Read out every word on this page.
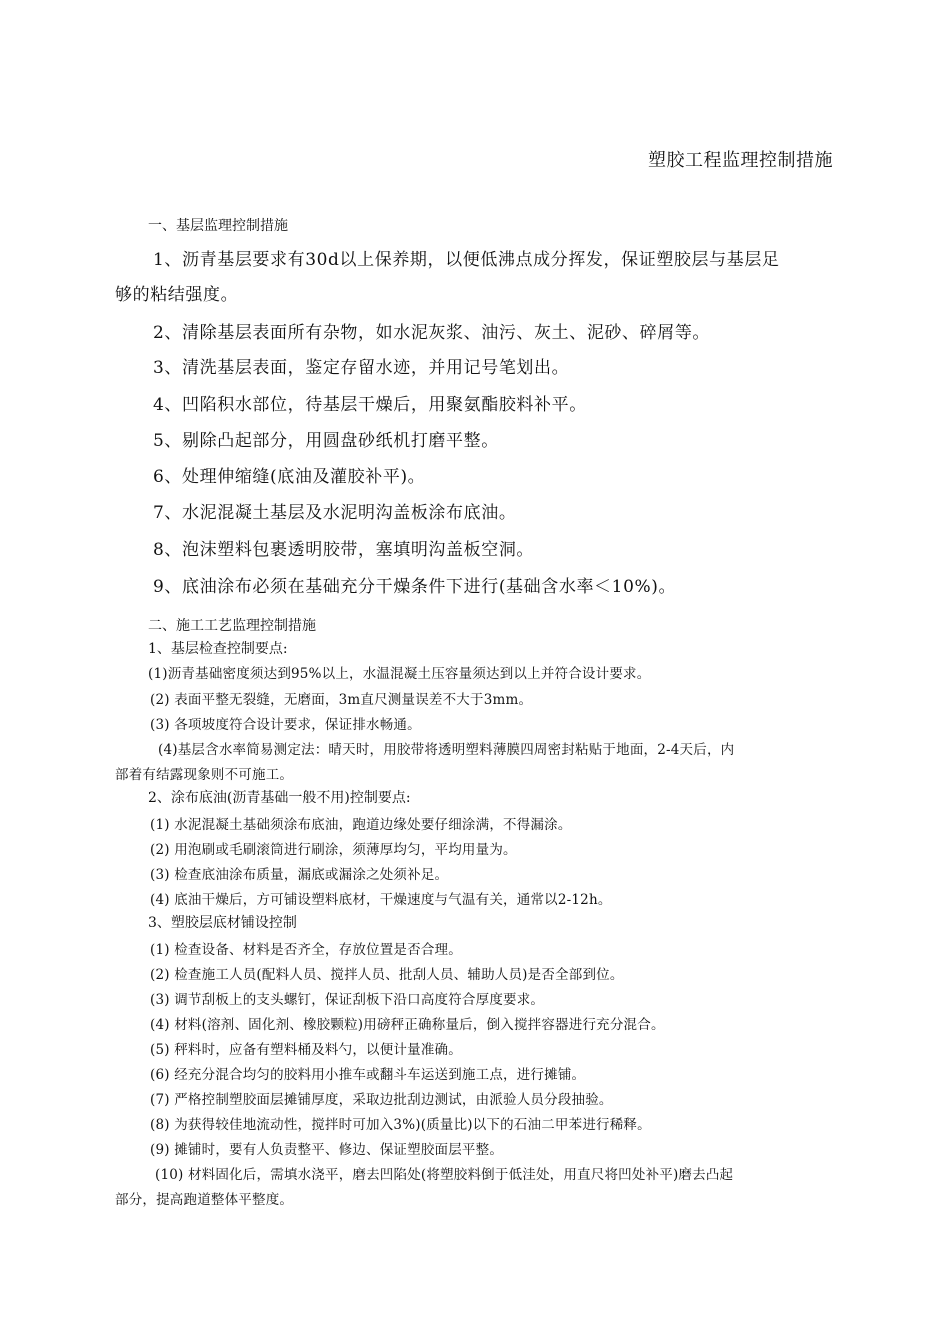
塑胶工程监理控制措施
一、基层监理控制措施
1、沥青基层要求有30d以上保养期，以便低沸点成分挥发，保证塑胶层与基层足
够的粘结强度。
2、清除基层表面所有杂物，如水泥灰浆、油污、灰土、泥砂、碎屑等。
3、清洗基层表面，鉴定存留水迹，并用记号笔划出。
4、凹陷积水部位，待基层干燥后，用聚氨酯胶料补平。
5、剔除凸起部分，用圆盘砂纸机打磨平整。
6、处理伸缩缝(底油及灌胶补平)。
7、水泥混凝土基层及水泥明沟盖板涂布底油。
8、泡沫塑料包裹透明胶带，塞填明沟盖板空洞。
9、底油涂布必须在基础充分干燥条件下进行(基础含水率＜10%)。
二、施工工艺监理控制措施
1、基层检查控制要点:
(1)沥青基础密度须达到95%以上，水温混凝土压容量须达到以上并符合设计要求。
(2) 表面平整无裂缝，无磨面，3m直尺测量误差不大于3mm。
(3) 各项坡度符合设计要求，保证排水畅通。
(4)基层含水率简易测定法：晴天时，用胶带将透明塑料薄膜四周密封粘贴于地面，2-4天后，内
部着有结露现象则不可施工。
2、涂布底油(沥青基础一般不用)控制要点:
(1) 水泥混凝土基础须涂布底油，跑道边缘处要仔细涂满，不得漏涂。
(2) 用泡刷或毛刷滚筒进行刷涂，须薄厚均匀，平均用量为。
(3) 检查底油涂布质量，漏底或漏涂之处须补足。
(4) 底油干燥后，方可铺设塑料底材，干燥速度与气温有关，通常以2-12h。
3、塑胶层底材铺设控制
(1) 检查设备、材料是否齐全，存放位置是否合理。
(2) 检查施工人员(配料人员、搅拌人员、批刮人员、辅助人员)是否全部到位。
(3) 调节刮板上的支头螺钉，保证刮板下沿口高度符合厚度要求。
(4) 材料(溶剂、固化剂、橡胶颗粒)用磅秤正确称量后，倒入搅拌容器进行充分混合。
(5) 秤料时，应备有塑料桶及料勺，以便计量准确。
(6) 经充分混合均匀的胶料用小推车或翻斗车运送到施工点，进行摊铺。
(7) 严格控制塑胶面层摊铺厚度，采取边批刮边测试，由派验人员分段抽验。
(8) 为获得较佳地流动性，搅拌时可加入3%)(质量比)以下的石油二甲苯进行稀释。
(9) 摊铺时，要有人负责整平、修边、保证塑胶面层平整。
(10) 材料固化后，需填水浇平，磨去凹陷处(将塑胶料倒于低洼处，用直尺将凹处补平)磨去凸起
部分，提高跑道整体平整度。
